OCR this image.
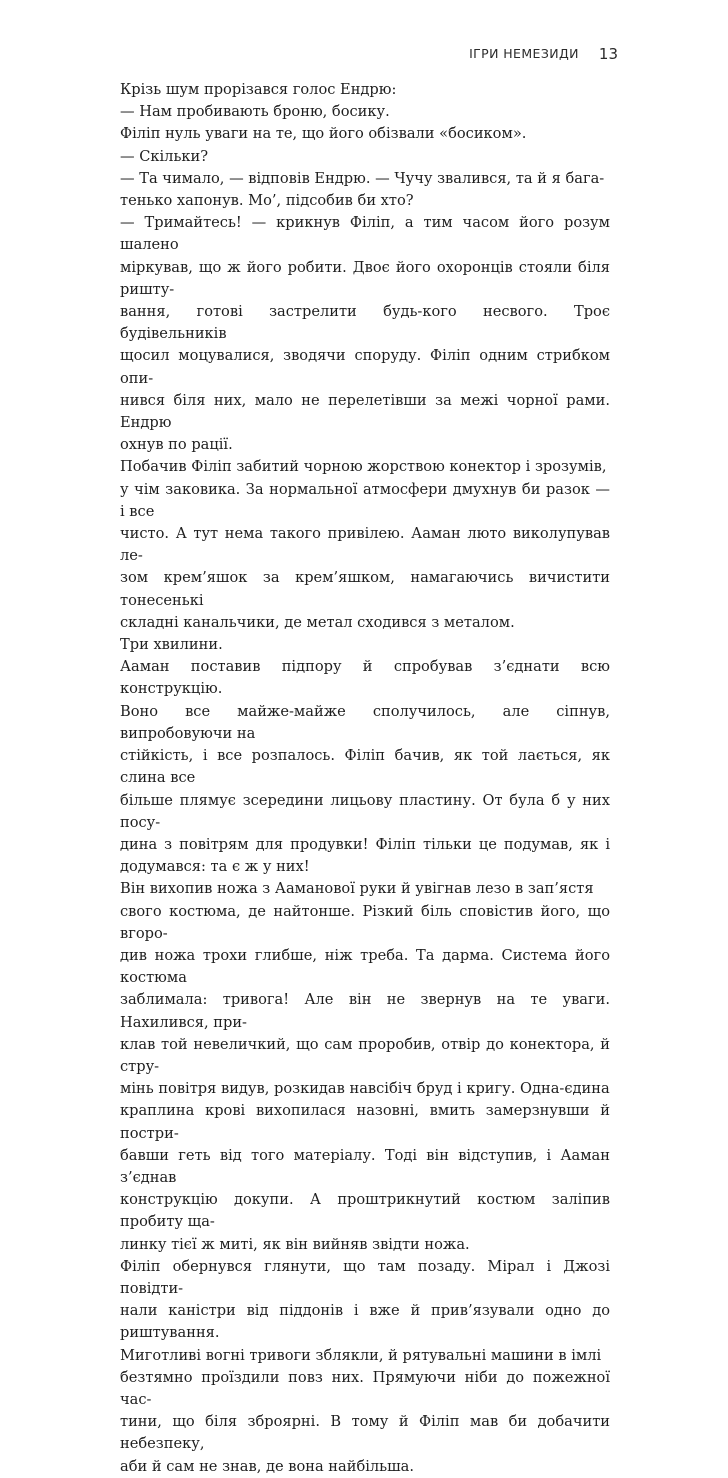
ІГРИ НЕМЕЗИДИ 13

Крізь шум прорізався голос Ендрю:

— Нам пробивають броню, босику.

Філіп нуль уваги на те, що його обізвали «босиком».

— Скільки?

— Та чимало, — відповів Ендрю. — Чучу звалився, та й я бага-

тенько хапонув. Мо’, підсобив би хто?

— Тримайтесь! — крикнув Філіп, а тим часом його розум шалено

міркував, що ж його робити. Двоє його охоронців стояли біля ришту-

вання, готові застрелити будь-кого несвого. Троє будівельників

щосил моцувалися, зводячи споруду. Філіп одним стрибком опи-

нився біля них, мало не перелетівши за межі чорної рами. Ендрю

охнув по рації.

Побачив Філіп забитий чорною жорствою конектор і зрозумів,

у чім заковика. За нормальної атмосфери дмухнув би разок — і все

чисто. А тут нема такого привілею. Ааман люто виколупував ле-

зом крем’яшок за крем’яшком, намагаючись вичистити тонесенькі

складні канальчики, де метал сходився з металом.

Три хвилини.

Ааман поставив підпору й спробував з’єднати всю конструкцію.

Воно все майже-майже сполучилось, але сіпнув, випробовуючи на

стійкість, і все розпалось. Філіп бачив, як той лається, як слина все

більше плямує зсередини лицьову пластину. От була б у них посу-

дина з повітрям для продувки! Філіп тільки це подумав, як і додумався: та є ж у них!

Він вихопив ножа з Ааманової руки й увігнав лезо в зап’ястя

свого костюма, де найтонше. Різкий біль сповістив його, що вгоро-

див ножа трохи глибше, ніж треба. Та дарма. Система його костюма

заблимала: тривога! Але він не звернув на те уваги. Нахилився, при-

клав той невеличкий, що сам проробив, отвір до конектора, й стру-

мінь повітря видув, розкидав навсібіч бруд і кригу. Одна-єдина

краплина крові вихопилася назовні, вмить замерзнувши й постри-

бавши геть від того матеріалу. Тоді він відступив, і Ааман з’єднав

конструкцію докупи. А проштрикнутий костюм заліпив пробиту ща-

линку тієї ж миті, як він вийняв звідти ножа.

Філіп обернувся глянути, що там позаду. Мірал і Джозі повідти-

нали каністри від піддонів і вже й прив’язували одно до риштування.

Миготливі вогні тривоги зблякли, й рятувальні машини в імлі

безтямно проїздили повз них. Прямуючи ніби до пожежної час-

тини, що біля зброярні. В тому й Філіп мав би добачити небезпеку,

аби й сам не знав, де вона найбільша.
